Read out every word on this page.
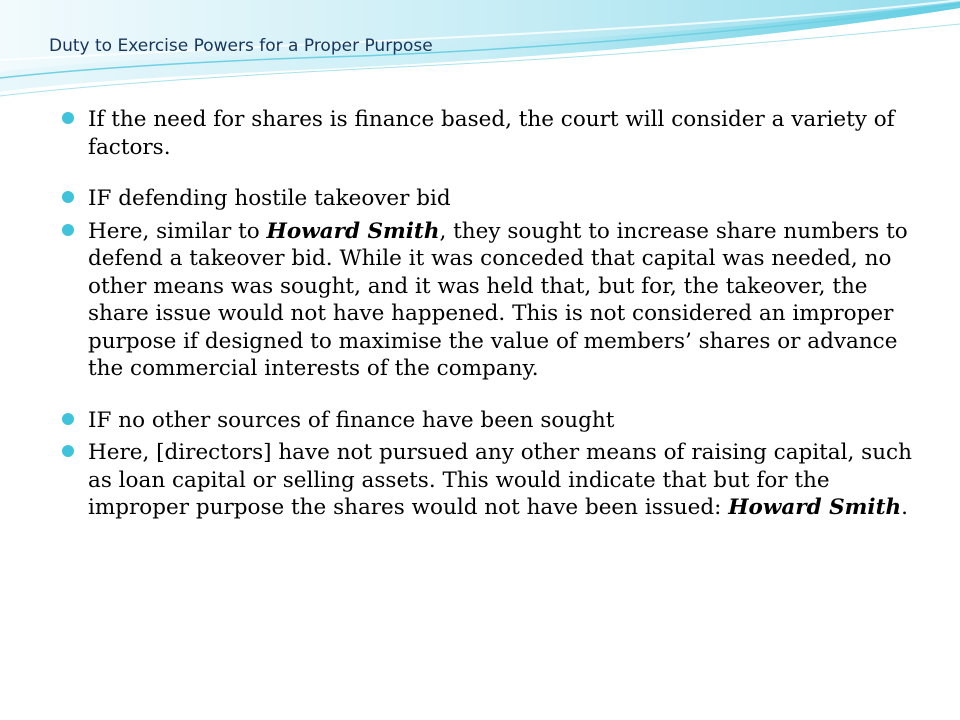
Duty to Exercise Powers for a Proper Purpose
If the need for shares is finance based, the court will consider a variety of factors.
IF defending hostile takeover bid
Here, similar to Howard Smith, they sought to increase share numbers to defend a takeover bid. While it was conceded that capital was needed, no other means was sought, and it was held that, but for, the takeover, the share issue would not have happened. This is not considered an improper purpose if designed to maximise the value of members’ shares or advance the commercial interests of the company.
IF no other sources of finance have been sought
Here, [directors] have not pursued any other means of raising capital, such as loan capital or selling assets. This would indicate that but for the improper purpose the shares would not have been issued: Howard Smith.
